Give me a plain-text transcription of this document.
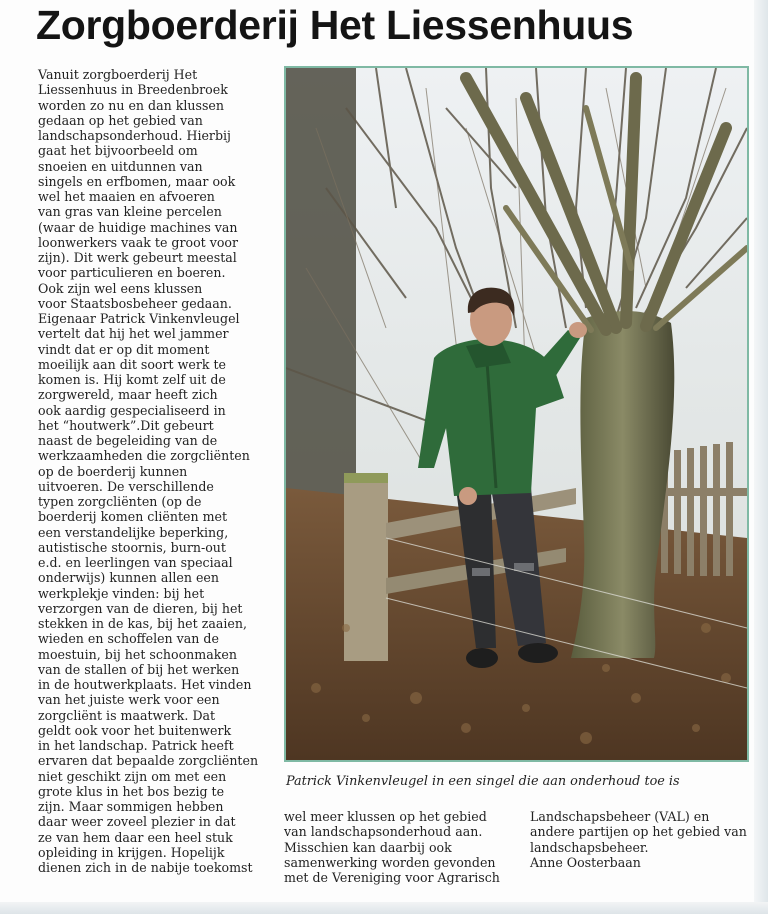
Zorgboerderij Het Liessenhuus
Vanuit zorgboerderij Het
Liessenhuus in Breedenbroek
worden zo nu en dan klussen
gedaan op het gebied van
landschapsonderhoud. Hierbij
gaat het bijvoorbeeld om
snoeien en uitdunnen van
singels en erfbomen, maar ook
wel het maaien en afvoeren
van gras van kleine percelen
(waar de huidige machines van
loonwerkers vaak te groot voor
zijn). Dit werk gebeurt meestal
voor particulieren en boeren.
Ook zijn wel eens klussen
voor Staatsbosbeheer gedaan.
Eigenaar Patrick Vinkenvleugel
vertelt dat hij het wel jammer
vindt dat er op dit moment
moeilijk aan dit soort werk te
komen is. Hij komt zelf uit de
zorgwereld, maar heeft zich
ook aardig gespecialiseerd in
het “houtwerk”.Dit gebeurt
naast de begeleiding van de
werkzaamheden die zorgcliënten
op de boerderij kunnen
uitvoeren. De verschillende
typen zorgcliënten (op de
boerderij komen cliënten met
een verstandelijke beperking,
autistische stoornis, burn-out
e.d. en leerlingen van speciaal
onderwijs) kunnen allen een
werkplekje vinden: bij het
verzorgen van de dieren, bij het
stekken in de kas, bij het zaaien,
wieden en schoffelen van de
moestuin, bij het schoonmaken
van de stallen of bij het werken
in de houtwerkplaats. Het vinden
van het juiste werk voor een
zorgcliënt is maatwerk. Dat
geldt ook voor het buitenwerk
in het landschap. Patrick heeft
ervaren dat bepaalde zorgcliënten
niet geschikt zijn om met een
grote klus in het bos bezig te
zijn. Maar sommigen hebben
daar weer zoveel plezier in dat
ze van hem daar een heel stuk
opleiding in krijgen. Hopelijk
dienen zich in de nabije toekomst
Patrick Vinkenvleugel in een singel die aan onderhoud toe is
wel meer klussen op het gebied
van landschapsonderhoud aan.
Misschien kan daarbij ook
samenwerking worden gevonden
met de Vereniging voor Agrarisch
Landschapsbeheer (VAL) en
andere partijen op het gebied van
landschapsbeheer.
Anne Oosterbaan
